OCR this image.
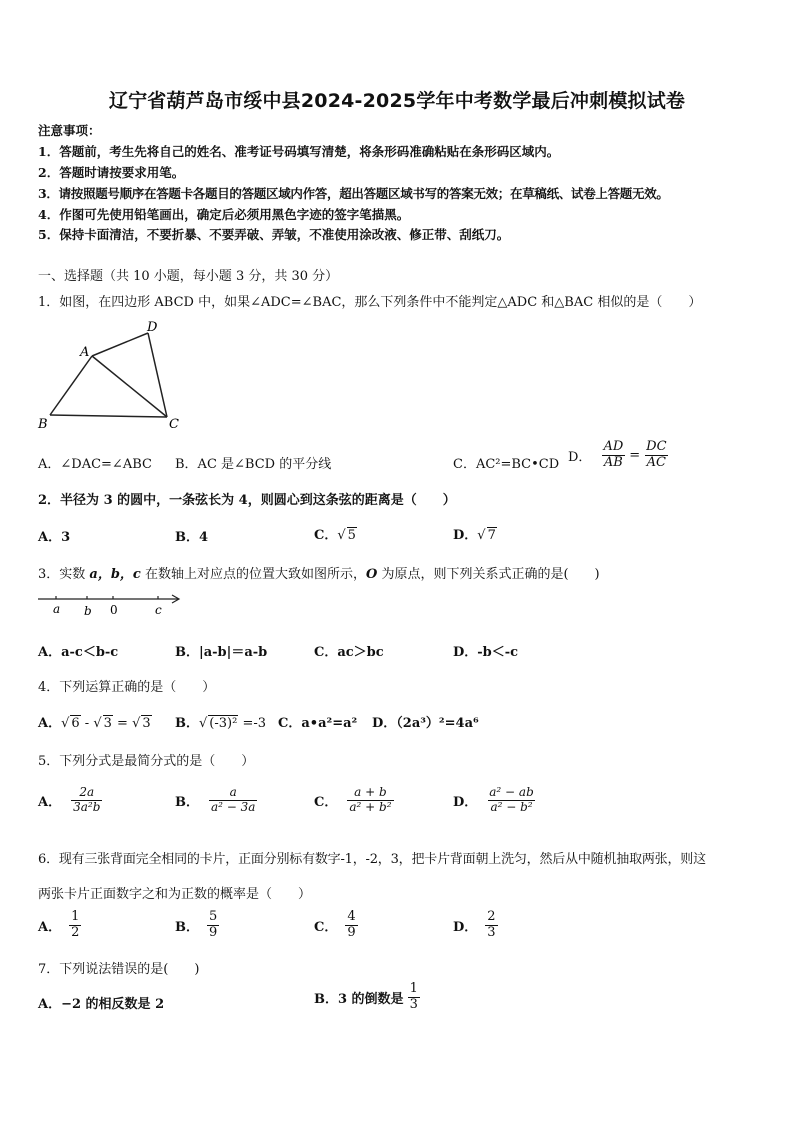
辽宁省葫芦岛市绥中县2024-2025学年中考数学最后冲刺模拟试卷
注意事项：
1．答题前，考生先将自己的姓名、准考证号码填写清楚，将条形码准确粘贴在条形码区域内。
2．答题时请按要求用笔。
3．请按照题号顺序在答题卡各题目的答题区域内作答，超出答题区域书写的答案无效；在草稿纸、试卷上答题无效。
4．作图可先使用铅笔画出，确定后必须用黑色字迹的签字笔描黑。
5．保持卡面清洁，不要折暴、不要弄破、弄皱，不准使用涂改液、修正带、刮纸刀。
一、选择题（共 10 小题，每小题 3 分，共 30 分）
1．如图，在四边形 ABCD 中，如果∠ADC=∠BAC，那么下列条件中不能判定△ADC 和△BAC 相似的是（　　）
A
B	C
D
A．∠DAC=∠ABC B．AC 是∠BCD 的平分线	C．AC²=BC•CD D． $\frac{AD}{AB} = \frac{DC}{AC}$
2．半径为 3 的圆中，一条弦长为 4，则圆心到这条弦的距离是（　　）
A．3	B．4	C．√ 5	D．√ 7
3．实数 a，b，c 在数轴上对应点的位置大致如图所示，O 为原点，则下列关系式正确的是(　　)
a b 0	c
A．a-c＜b-c	B．|a-b|＝a-b	C．ac＞bc	D．-b＜-c
4．下列运算正确的是（　　）
A．√ 6 - √ 3 = √ 3 B．√ (-3)² =-3 C．a•a²=a² D．（2a³）²=4a⁶
5．下列分式是最简分式的是（　　）
A． $\frac{2a}{\text{3a²b}}$	B． $\frac{a}{\text{a² − 3a}}$	C． $\frac{a + b}{\text{a² + b²}}$	D． $\frac{\text{a² − ab}}{\text{a² − b²}}$
6．现有三张背面完全相同的卡片，正面分别标有数字-1，-2，3，把卡片背面朝上洗匀，然后从中随机抽取两张，则这
两张卡片正面数字之和为正数的概率是（　　）
A． $\frac{1}{2}$	B． $\frac{5}{9}$	C． $\frac{4}{9}$	D． $\frac{2}{3}$
7．下列说法错误的是(　　)
A．−2 的相反数是 2	B．3 的倒数是 $\frac{1}{3}$
